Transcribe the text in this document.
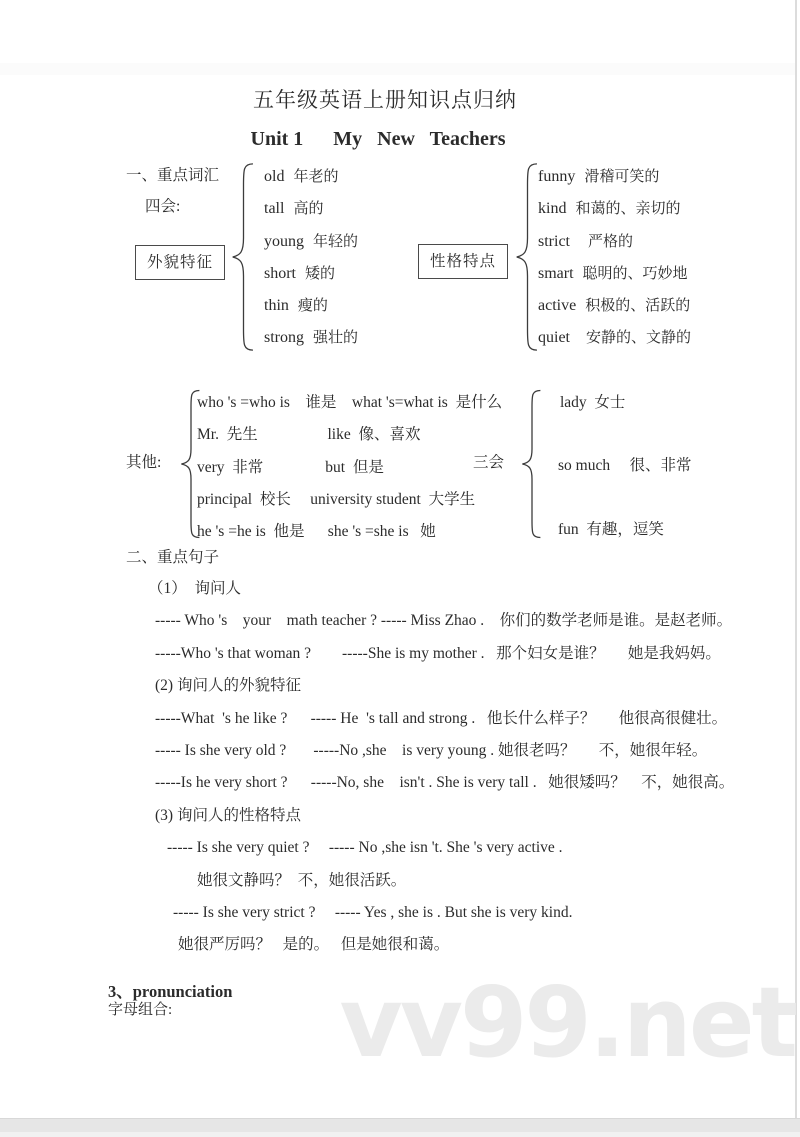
vv99.net
五年级英语上册知识点归纳
Unit 1      My   New   Teachers
一、重点词汇
四会:
外貌特征
old 年老的
tall 高的
young 年轻的
short 矮的
thin 瘦的
strong 强壮的
性格特点
funny 滑稽可笑的
kind 和蔼的、亲切的
strict 严格的
smart 聪明的、巧妙地
active 积极的、活跃的
quiet 安静的、文静的
其他:
who 's =who is    谁是    what 's=what is  是什么
Mr.  先生                  like  像、喜欢
very  非常                but  但是
principal  校长     university student  大学生
he 's =he is  他是      she 's =she is   她
三会
lady  女士
so much     很、非常
fun  有趣，逗笑
二、重点句子
（1）  询问人
----- Who 's    your    math teacher ? ----- Miss Zhao .    你们的数学老师是谁。是赵老师。
-----Who 's that woman ?        -----She is my mother .   那个妇女是谁？      她是我妈妈。
(2) 询问人的外貌特征
-----What  's he like ?      ----- He  's tall and strong .   他长什么样子？      他很高很健壮。
----- Is she very old ?       -----No ,she    is very young . 她很老吗？      不，她很年轻。
-----Is he very short ?      -----No, she    isn't . She is very tall .   她很矮吗？    不，她很高。
(3) 询问人的性格特点
----- Is she very quiet ?     ----- No ,she isn 't. She 's very active .
她很文静吗？  不，她很活跃。
----- Is she very strict ?     ----- Yes , she is . But she is very kind.
她很严厉吗？   是的。   但是她很和蔼。
3、pronunciation
字母组合:
